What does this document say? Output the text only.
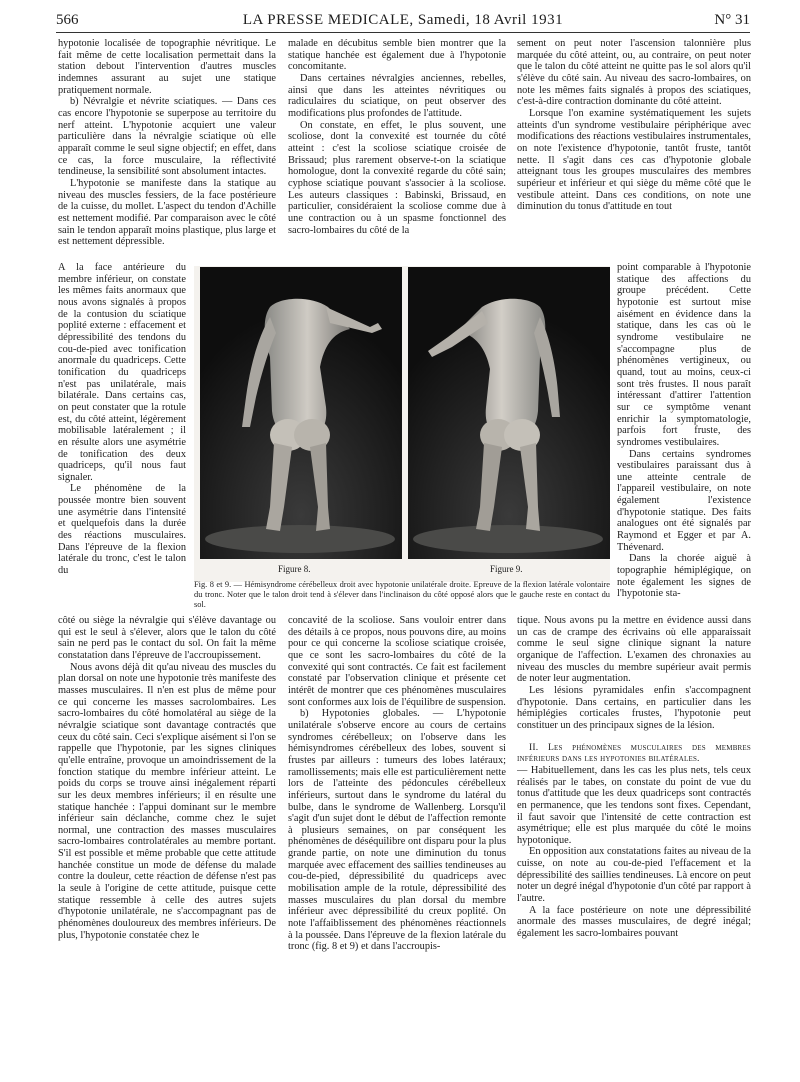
566	LA PRESSE MEDICALE, Samedi, 18 Avril 1931	N° 31

hypotonie localisée de topographie névritique. Le fait même de cette localisation permettait dans la station debout l'intervention d'autres muscles indemnes assurant au sujet une statique pratiquement normale.

b) Névralgie et névrite sciatiques. — Dans ces cas encore l'hypotonie se superpose au territoire du nerf atteint. L'hypotonie acquiert une valeur particulière dans la névralgie sciatique où elle apparaît comme le seul signe objectif; en effet, dans ce cas, la force musculaire, la réflectivité tendineuse, la sensibilité sont absolument intactes.

L'hypotonie se manifeste dans la statique au niveau des muscles fessiers, de la face postérieure de la cuisse, du mollet. L'aspect du tendon d'Achille est nettement modifié. Par comparaison avec le côté sain le tendon apparaît moins plastique, plus large et est nettement dépressible.

A la face antérieure du membre inférieur, on constate les mêmes faits anormaux que nous avons signalés à propos de la contusion du sciatique poplité externe : effacement et dépressibilité des tendons du cou-de-pied avec tonification anormale du quadriceps. Cette tonification du quadriceps n'est pas unilatérale, mais bilatérale. Dans certains cas, on peut constater que la rotule est, du côté atteint, légèrement mobilisable latéralement ; il en résulte alors une asymétrie de tonification des deux quadriceps, qu'il nous faut signaler.

Le phénomène de la poussée montre bien souvent une asymétrie dans l'intensité et quelquefois dans la durée des réactions musculaires. Dans l'épreuve de la flexion latérale du tronc, c'est le talon du

côté ou siège la névralgie qui s'élève davantage ou qui est le seul à s'élever, alors que le talon du côté sain ne perd pas le contact du sol. On fait la même constatation dans l'épreuve de l'accroupissement.

Nous avons déjà dit qu'au niveau des muscles du plan dorsal on note une hypotonie très manifeste des masses musculaires. Il n'en est plus de même pour ce qui concerne les masses sacrolombaires. Les sacro-lombaires du côté homolatéral au siège de la névralgie sciatique sont davantage contractés que ceux du côté sain. Ceci s'explique aisément si l'on se rappelle que l'hypotonie, par les signes cliniques qu'elle entraîne, provoque un amoindrissement de la fonction statique du membre inférieur atteint. Le poids du corps se trouve ainsi inégalement réparti sur les deux membres inférieurs; il en résulte une statique hanchée : l'appui dominant sur le membre inférieur sain déclanche, comme chez le sujet normal, une contraction des masses musculaires sacro-lombaires controlatérales au membre portant. S'il est possible et même probable que cette attitude hanchée constitue un mode de défense du malade contre la douleur, cette réaction de défense n'est pas la seule à l'origine de cette attitude, puisque cette statique ressemble à celle des autres sujets d'hypotonie unilatérale, ne s'accompagnant pas de phénomènes douloureux des membres inférieurs. De plus, l'hypotonie constatée chez le

malade en décubitus semble bien montrer que la statique hanchée est également due à l'hypotonie concomitante.

Dans certaines névralgies anciennes, rebelles, ainsi que dans les atteintes névritiques ou radiculaires du sciatique, on peut observer des modifications plus profondes de l'attitude.

On constate, en effet, le plus souvent, une scoliose, dont la convexité est tournée du côté atteint : c'est la scoliose sciatique croisée de Brissaud; plus rarement observe-t-on la sciatique homologue, dont la convexité regarde du côté sain; cyphose sciatique pouvant s'associer à la scoliose. Les auteurs classiques : Babinski, Brissaud, en particulier, considéraient la scoliose comme due à une contraction ou à un spasme fonctionnel des sacro-lombaires du côté de la

concavité de la scoliose. Sans vouloir entrer dans des détails à ce propos, nous pouvons dire, au moins pour ce qui concerne la scoliose sciatique croisée, que ce sont les sacro-lombaires du côté de la convexité qui sont contractés. Ce fait est facilement constaté par l'observation clinique et présente cet intérêt de montrer que ces phénomènes musculaires sont conformes aux lois de l'équilibre de suspension.

b) Hypotonies globales. — L'hypotonie unilatérale s'observe encore au cours de certains syndromes cérébelleux; on l'observe dans les hémisyndromes cérébelleux des lobes, souvent si frustes par ailleurs : tumeurs des lobes latéraux; ramollissements; mais elle est particulièrement nette lors de l'atteinte des pédoncules cérébelleux inférieurs, surtout dans le syndrome du latéral du bulbe, dans le syndrome de Wallenberg. Lorsqu'il s'agit d'un sujet dont le début de l'affection remonte à plusieurs semaines, on par conséquent les phénomènes de déséquilibre ont disparu pour la plus grande partie, on note une diminution du tonus marquée avec effacement des saillies tendineuses au cou-de-pied, dépressibilité du quadriceps avec mobilisation ample de la rotule, dépressibilité des masses musculaires du plan dorsal du membre inférieur avec dépressibilité du creux poplité. On note l'affaiblissement des phénomènes réactionnels à la poussée. Dans l'épreuve de la flexion latérale du tronc (fig. 8 et 9) et dans l'accroupis-

sement on peut noter l'ascension talonnière plus marquée du côté atteint, ou, au contraire, on peut noter que le talon du côté atteint ne quitte pas le sol alors qu'il s'élève du côté sain. Au niveau des sacro-lombaires, on note les mêmes faits signalés à propos des sciatiques, c'est-à-dire contraction dominante du côté atteint.

Lorsque l'on examine systématiquement les sujets atteints d'un syndrome vestibulaire périphérique avec modifications des réactions vestibulaires instrumentales, on note l'existence d'hypotonie, tantôt fruste, tantôt nette. Il s'agit dans ces cas d'hypotonie globale atteignant tous les groupes musculaires des membres supérieur et inférieur et qui siège du même côté que le vestibule atteint. Dans ces conditions, on note une diminution du tonus d'attitude en tout

point comparable à l'hypotonie statique des affections du groupe précédent. Cette hypotonie est surtout mise aisément en évidence dans la statique, dans les cas où le syndrome vestibulaire ne s'accompagne plus de phénomènes vertigineux, ou quand, tout au moins, ceux-ci sont très frustes. Il nous paraît intéressant d'attirer l'attention sur ce symptôme venant enrichir la symptomatologie, parfois fort fruste, des syndromes vestibulaires.

Dans certains syndromes vestibulaires paraissant dus à une atteinte centrale de l'appareil vestibulaire, on note également l'existence d'hypotonie statique. Des faits analogues ont été signalés par Raymond et Egger et par A. Thévenard.

Dans la chorée aiguë à topographie hémiplégique, on note également les signes de l'hypotonie sta-

tique. Nous avons pu la mettre en évidence aussi dans un cas de crampe des écrivains où elle apparaissait comme le seul signe clinique signant la nature organique de l'affection. L'examen des chronaxies au niveau des muscles du membre supérieur avait permis de noter leur augmentation.

Les lésions pyramidales enfin s'accompagnent d'hypotonie. Dans certains, en particulier dans les hémiplégies corticales frustes, l'hypotonie peut constituer un des principaux signes de la lésion.

II. Les phénomènes musculaires des membres inférieurs dans les hypotonies bilatérales.

— Habituellement, dans les cas les plus nets, tels ceux réalisés par le tabes, on constate du point de vue du tonus d'attitude que les deux quadriceps sont contractés en permanence, que les tendons sont fixes. Cependant, il faut savoir que l'intensité de cette contraction est asymétrique; elle est plus marquée du côté le moins hypotonique.

En opposition aux constatations faites au niveau de la cuisse, on note au cou-de-pied l'effacement et la dépressibilité des saillies tendineuses. Là encore on peut noter un degré inégal d'hypotonie d'un côté par rapport à l'autre.

A la face postérieure on note une dépressibilité anormale des masses musculaires, de degré inégal; également les sacro-lombaires pouvant

Figure 8.	Figure 9.
Fig. 8 et 9. — Hémisyndrome cérébelleux droit avec hypotonie unilatérale droite. Epreuve de la flexion latérale volontaire du tronc. Noter que le talon droit tend à s'élever dans l'inclinaison du côté opposé alors que le gauche reste en contact du sol.
